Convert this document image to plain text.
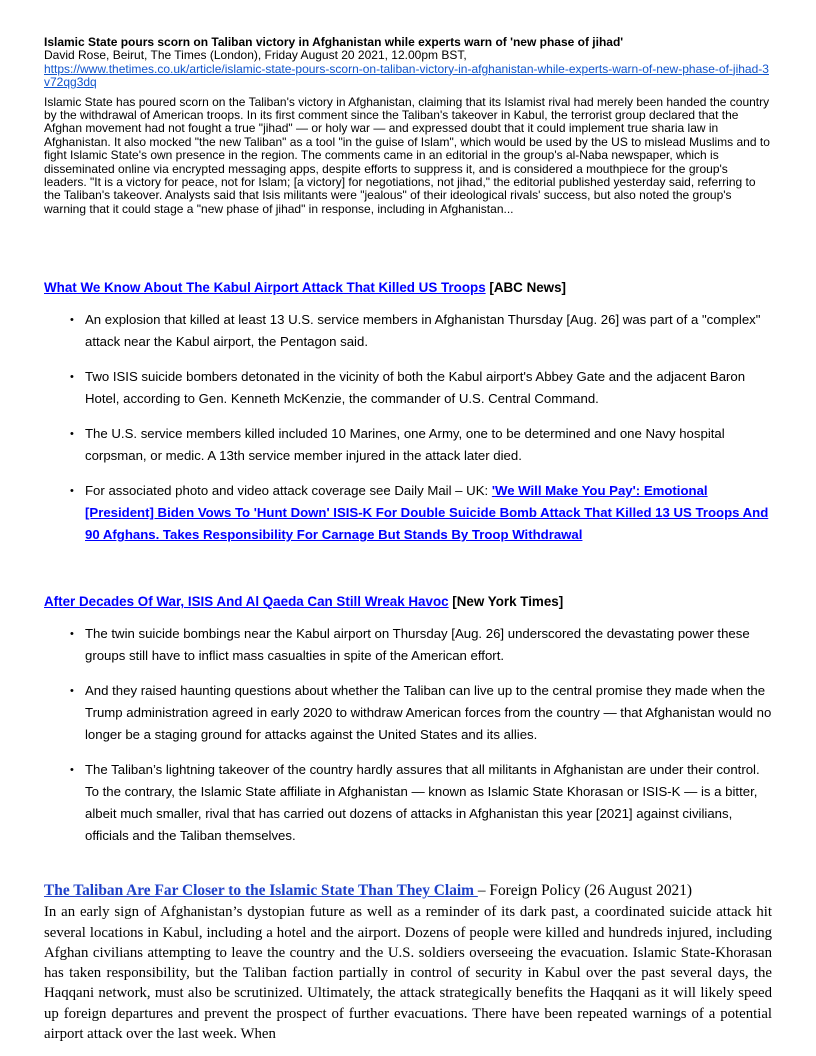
Islamic State pours scorn on Taliban victory in Afghanistan while experts warn of 'new phase of jihad'

David Rose, Beirut, The Times (London), Friday August 20 2021, 12.00pm BST,

https://www.thetimes.co.uk/article/islamic-state-pours-scorn-on-taliban-victory-in-afghanistan-while-experts-warn-of-new-phase-of-jihad-3v72qg3dq

Islamic State has poured scorn on the Taliban's victory in Afghanistan, claiming that its Islamist rival had merely been handed the country by the withdrawal of American troops. In its first comment since the Taliban's takeover in Kabul, the terrorist group declared that the Afghan movement had not fought a true "jihad" — or holy war — and expressed doubt that it could implement true sharia law in Afghanistan. It also mocked "the new Taliban" as a tool "in the guise of Islam", which would be used by the US to mislead Muslims and to fight Islamic State's own presence in the region. The comments came in an editorial in the group's al-Naba newspaper, which is disseminated online via encrypted messaging apps, despite efforts to suppress it, and is considered a mouthpiece for the group's leaders. "It is a victory for peace, not for Islam; [a victory] for negotiations, not jihad," the editorial published yesterday said, referring to the Taliban's takeover. Analysts said that Isis militants were "jealous" of their ideological rivals' success, but also noted the group's warning that it could stage a "new phase of jihad" in response, including in Afghanistan...

What We Know About The Kabul Airport Attack That Killed US Troops [ABC News]
• An explosion that killed at least 13 U.S. service members in Afghanistan Thursday [Aug. 26] was part of a "complex" attack near the Kabul airport, the Pentagon said.
• Two ISIS suicide bombers detonated in the vicinity of both the Kabul airport's Abbey Gate and the adjacent Baron Hotel, according to Gen. Kenneth McKenzie, the commander of U.S. Central Command.
• The U.S. service members killed included 10 Marines, one Army, one to be determined and one Navy hospital corpsman, or medic. A 13th service member injured in the attack later died.
• For associated photo and video attack coverage see Daily Mail – UK: 'We Will Make You Pay': Emotional [President] Biden Vows To 'Hunt Down' ISIS-K For Double Suicide Bomb Attack That Killed 13 US Troops And 90 Afghans. Takes Responsibility For Carnage But Stands By Troop Withdrawal
After Decades Of War, ISIS And Al Qaeda Can Still Wreak Havoc [New York Times]
• The twin suicide bombings near the Kabul airport on Thursday [Aug. 26] underscored the devastating power these groups still have to inflict mass casualties in spite of the American effort.
• And they raised haunting questions about whether the Taliban can live up to the central promise they made when the Trump administration agreed in early 2020 to withdraw American forces from the country — that Afghanistan would no longer be a staging ground for attacks against the United States and its allies.
• The Taliban’s lightning takeover of the country hardly assures that all militants in Afghanistan are under their control. To the contrary, the Islamic State affiliate in Afghanistan — known as Islamic State Khorasan or ISIS-K — is a bitter, albeit much smaller, rival that has carried out dozens of attacks in Afghanistan this year [2021] against civilians, officials and the Taliban themselves.
The Taliban Are Far Closer to the Islamic State Than They Claim – Foreign Policy (26 August 2021)

In an early sign of Afghanistan’s dystopian future as well as a reminder of its dark past, a coordinated suicide attack hit several locations in Kabul, including a hotel and the airport. Dozens of people were killed and hundreds injured, including Afghan civilians attempting to leave the country and the U.S. soldiers overseeing the evacuation. Islamic State-Khorasan has taken responsibility, but the Taliban faction partially in control of security in Kabul over the past several days, the Haqqani network, must also be scrutinized. Ultimately, the attack strategically benefits the Haqqani as it will likely speed up foreign departures and prevent the prospect of further evacuations. There have been repeated warnings of a potential airport attack over the last week. When
